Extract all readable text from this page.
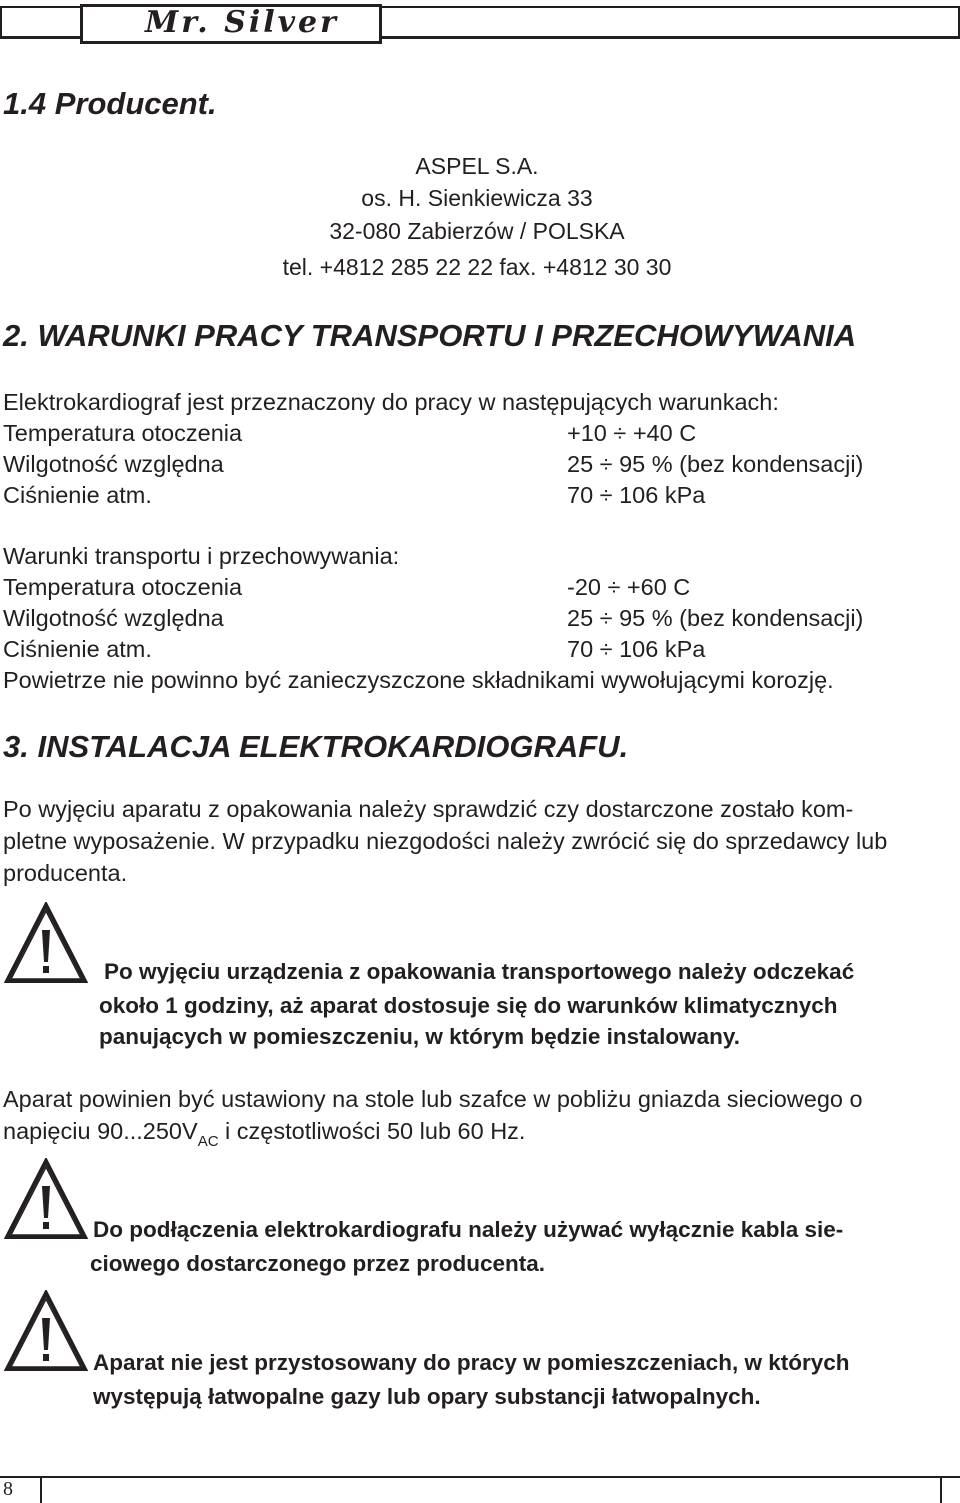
Mr. Silver
1.4 Producent.
ASPEL S.A.
os. H. Sienkiewicza 33
32-080 Zabierzów / POLSKA
tel. +4812 285 22 22 fax. +4812 30 30
2. WARUNKI PRACY TRANSPORTU I PRZECHOWYWANIA
Elektrokardiograf jest przeznaczony do pracy w następujących warunkach:
Temperatura otoczenia	+10 ÷ +40 C
Wilgotność względna	25 ÷ 95 % (bez kondensacji)
Ciśnienie atm.	70 ÷ 106 kPa
Warunki transportu i przechowywania:
Temperatura otoczenia	-20 ÷ +60 C
Wilgotność względna	25 ÷ 95 % (bez kondensacji)
Ciśnienie atm.	70 ÷ 106 kPa
Powietrze nie powinno być zanieczyszczone składnikami wywołującymi korozję.
3. INSTALACJA ELEKTROKARDIOGRAFU.
Po wyjęciu aparatu z opakowania należy sprawdzić czy dostarczone zostało kom-
pletne wyposażenie. W przypadku niezgodości należy zwrócić się do sprzedawcy lub
producenta.
Po wyjęciu urządzenia z opakowania transportowego należy odczekać
około 1 godziny, aż aparat dostosuje się do warunków klimatycznych
panujących w pomieszczeniu, w którym będzie instalowany.
Aparat powinien być ustawiony na stole lub szafce w pobliżu gniazda sieciowego o
napięciu $90...250V_{AC}$ i częstotliwości 50 lub 60 Hz.
Do podłączenia elektrokardiografu należy używać wyłącznie kabla sie-
ciowego dostarczonego przez producenta.
Aparat nie jest przystosowany do pracy w pomieszczeniach, w których
występują łatwopalne gazy lub opary substancji łatwopalnych.
8
